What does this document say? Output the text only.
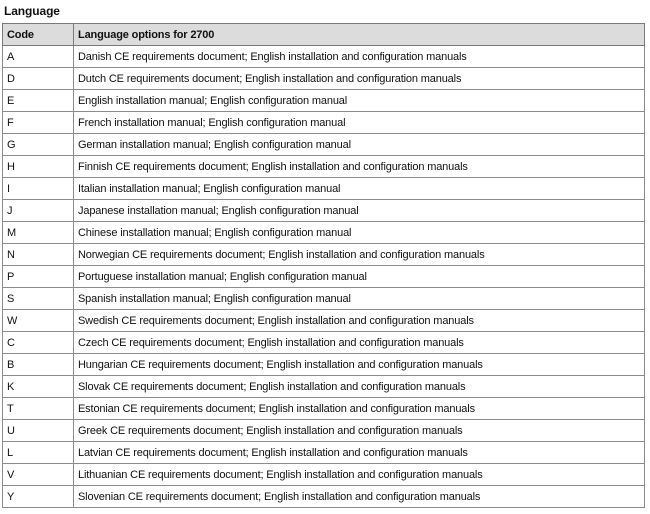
Language
Code	Language options for 2700
A	Danish CE requirements document; English installation and configuration manuals
D	Dutch CE requirements document; English installation and configuration manuals
E	English installation manual; English configuration manual
F	French installation manual; English configuration manual
G	German installation manual; English configuration manual
H	Finnish CE requirements document; English installation and configuration manuals
I	Italian installation manual; English configuration manual
J	Japanese installation manual; English configuration manual
M	Chinese installation manual; English configuration manual
N	Norwegian CE requirements document; English installation and configuration manuals
P	Portuguese installation manual; English configuration manual
S	Spanish installation manual; English configuration manual
W	Swedish CE requirements document; English installation and configuration manuals
C	Czech CE requirements document; English installation and configuration manuals
B	Hungarian CE requirements document; English installation and configuration manuals
K	Slovak CE requirements document; English installation and configuration manuals
T	Estonian CE requirements document; English installation and configuration manuals
U	Greek CE requirements document; English installation and configuration manuals
L	Latvian CE requirements document; English installation and configuration manuals
V	Lithuanian CE requirements document; English installation and configuration manuals
Y	Slovenian CE requirements document; English installation and configuration manuals
